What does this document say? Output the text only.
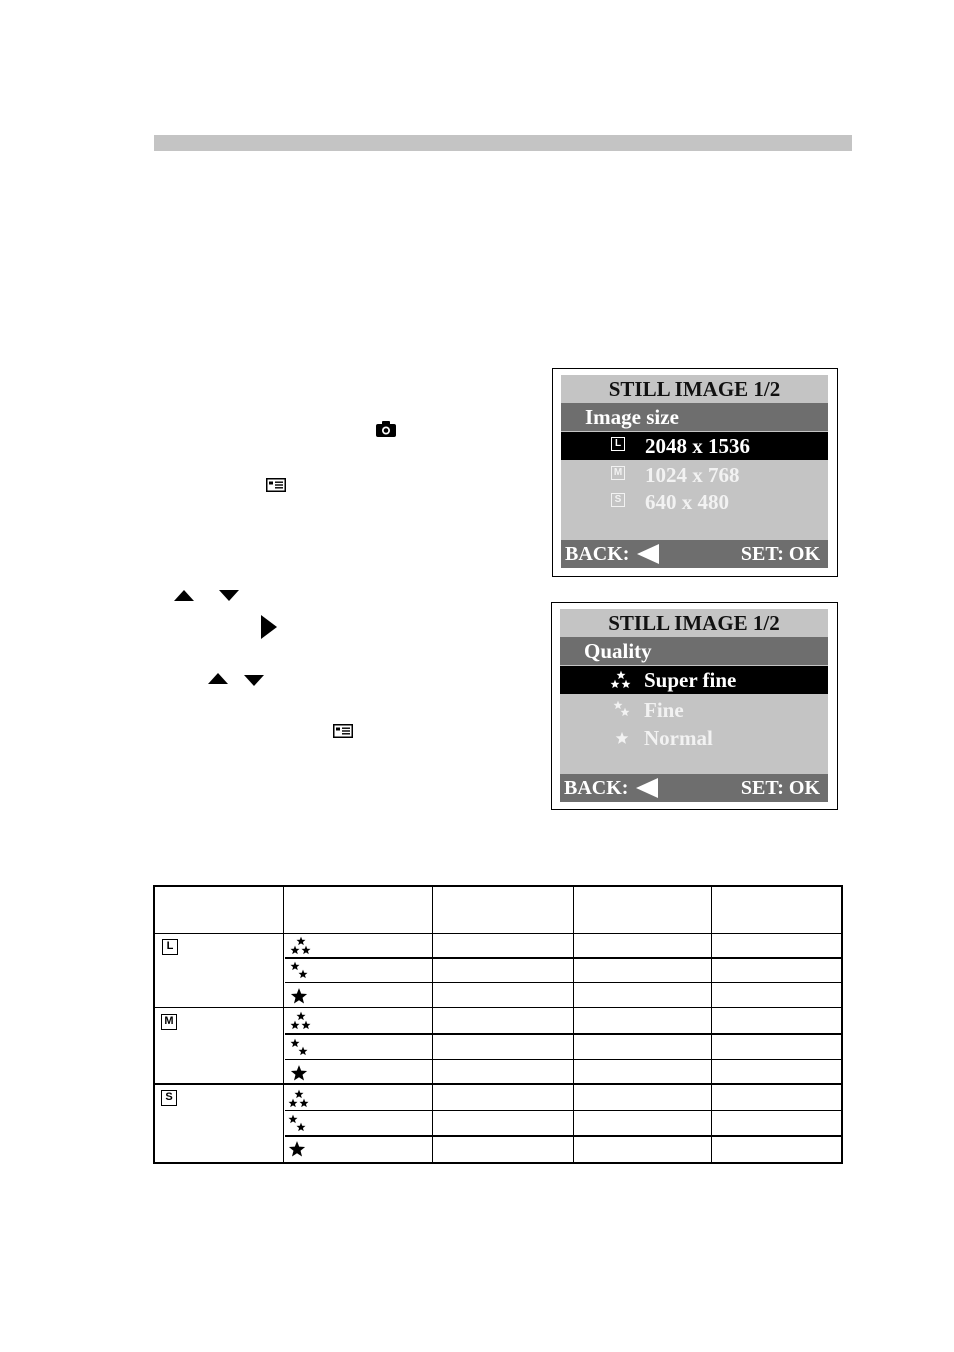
STILL IMAGE 1/2
Image size
L 2048 x 1536
M 1024 x 768
S 640 x 480
BACK:	SET: OK
STILL IMAGE 1/2
Quality
Super fine
Fine
Normal
BACK:	SET: OK
L
M
S
